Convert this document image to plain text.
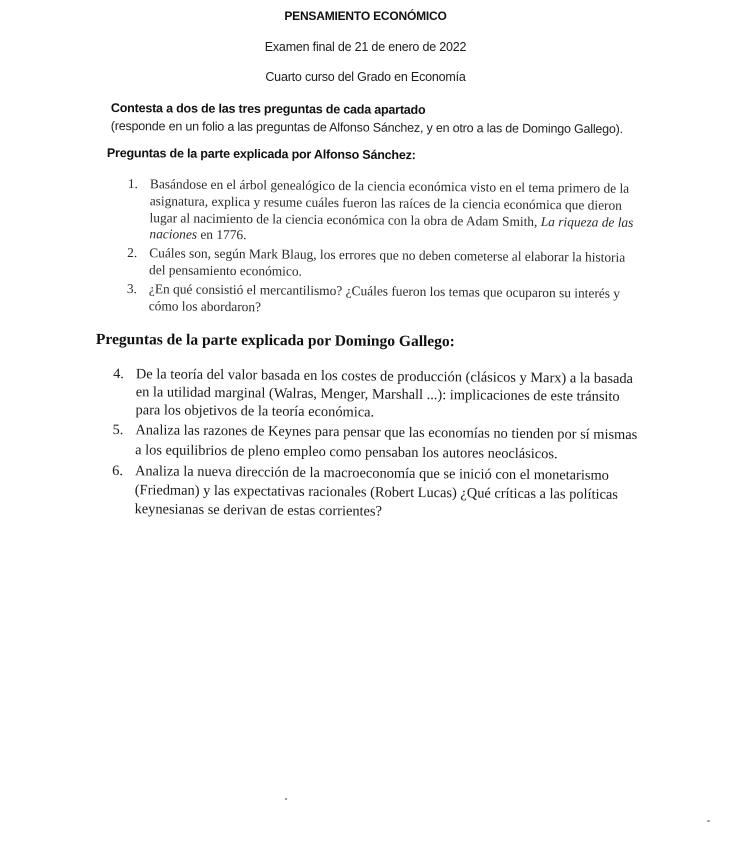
PENSAMIENTO ECONÓMICO
Examen final de 21 de enero de 2022
Cuarto curso del Grado en Economía
Contesta a dos de las tres preguntas de cada apartado
(responde en un folio a las preguntas de Alfonso Sánchez, y en otro a las de Domingo Gallego).
Preguntas de la parte explicada por Alfonso Sánchez:
1. Basándose en el árbol genealógico de la ciencia económica visto en el tema primero de la asignatura, explica y resume cuáles fueron las raíces de la ciencia económica que dieron lugar al nacimiento de la ciencia económica con la obra de Adam Smith, La riqueza de las naciones en 1776.
2. Cuáles son, según Mark Blaug, los errores que no deben cometerse al elaborar la historia del pensamiento económico.
3. ¿En qué consistió el mercantilismo? ¿Cuáles fueron los temas que ocuparon su interés y cómo los abordaron?
Preguntas de la parte explicada por Domingo Gallego:
4. De la teoría del valor basada en los costes de producción (clásicos y Marx) a la basada en la utilidad marginal (Walras, Menger, Marshall ...): implicaciones de este tránsito para los objetivos de la teoría económica.
5. Analiza las razones de Keynes para pensar que las economías no tienden por sí mismas a los equilibrios de pleno empleo como pensaban los autores neoclásicos.
6. Analiza la nueva dirección de la macroeconomía que se inició con el monetarismo (Friedman) y las expectativas racionales (Robert Lucas) ¿Qué críticas a las políticas keynesianas se derivan de estas corrientes?
